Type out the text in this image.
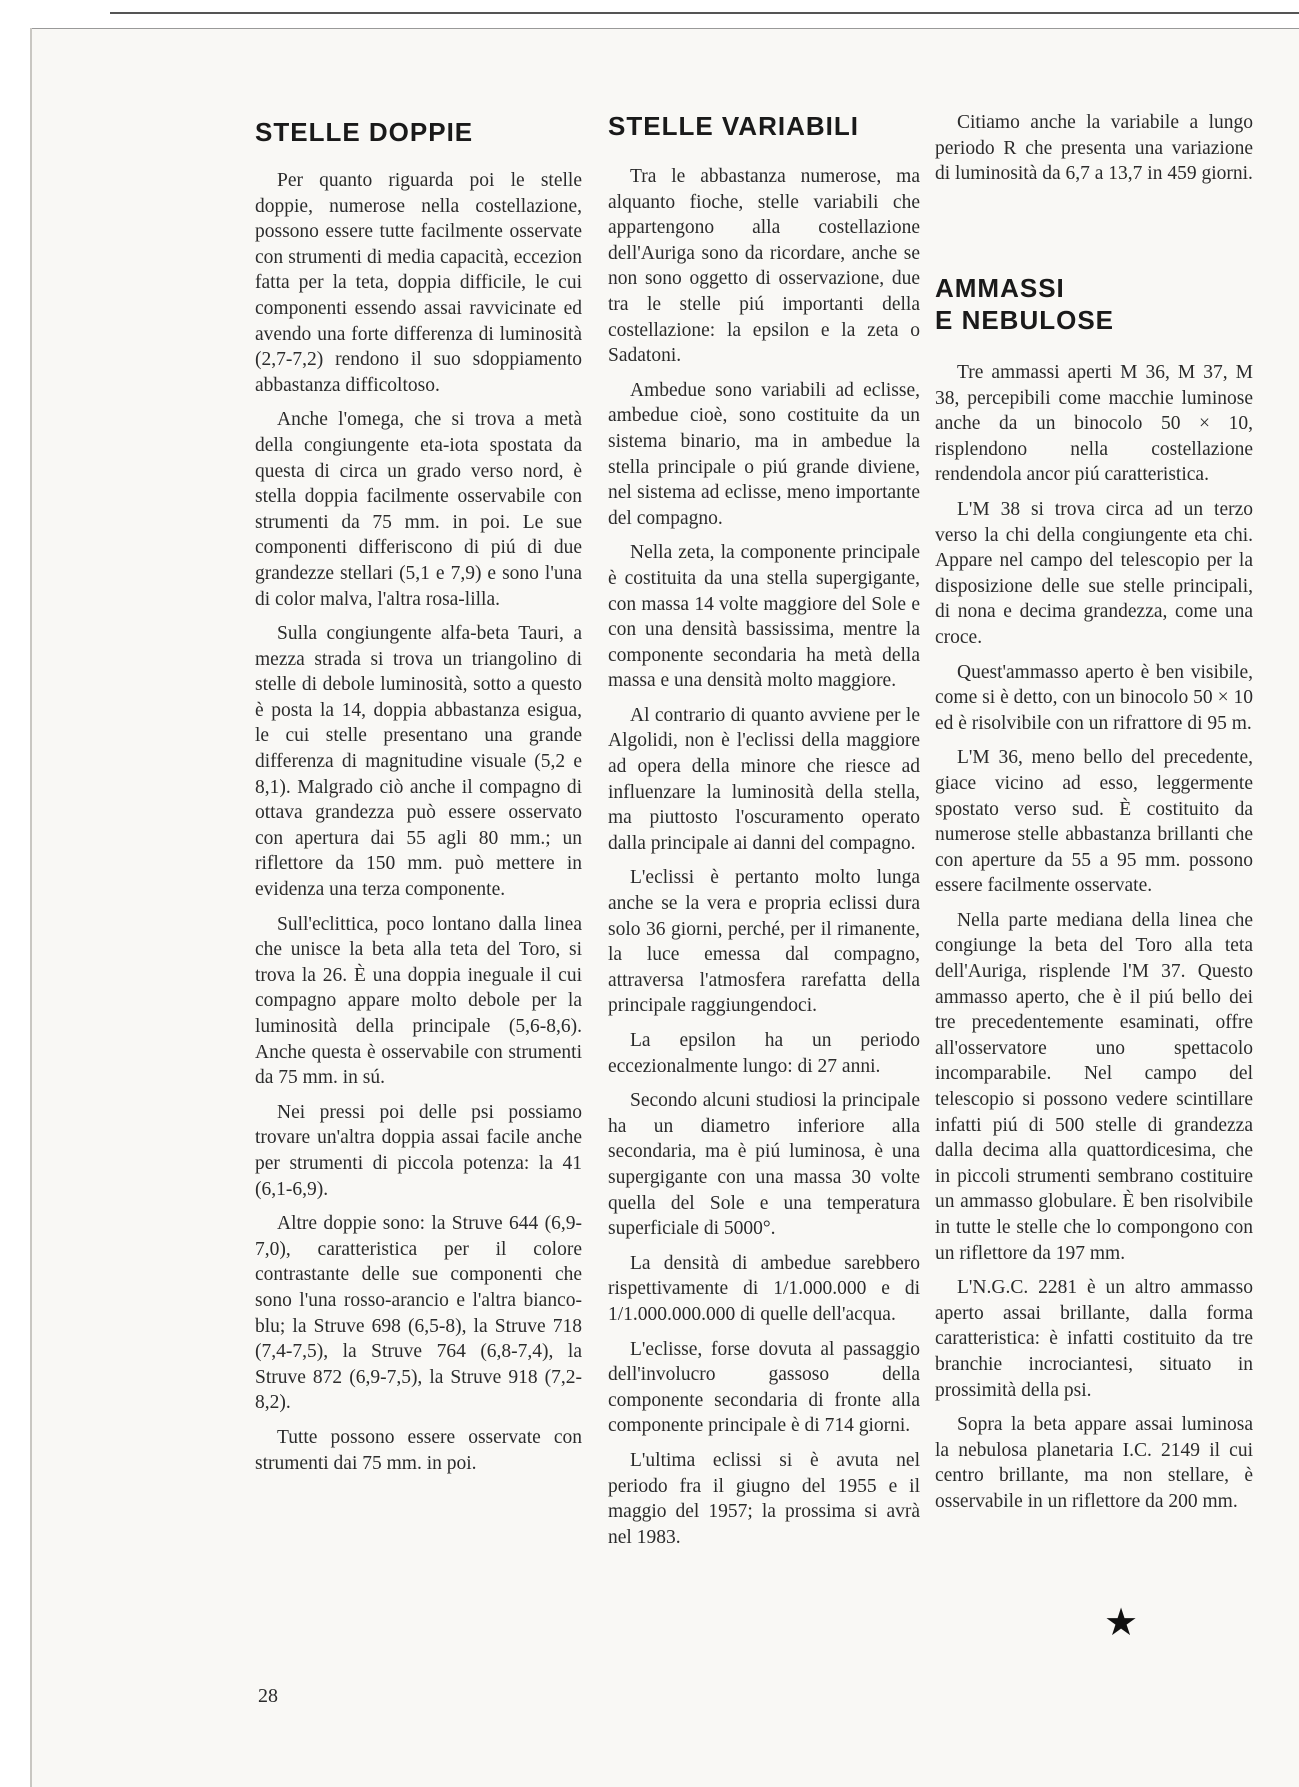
STELLE DOPPIE

Per quanto riguarda poi le stelle doppie, numerose nella costellazione, possono essere tutte facilmente osservate con strumenti di media capacità, eccezion fatta per la teta, doppia difficile, le cui componenti essendo assai ravvicinate ed avendo una forte differenza di luminosità (2,7-7,2) rendono il suo sdoppiamento abbastanza difficoltoso.

Anche l'omega, che si trova a metà della congiungente eta-iota spostata da questa di circa un grado verso nord, è stella doppia facilmente osservabile con strumenti da 75 mm. in poi. Le sue componenti differiscono di piú di due grandezze stellari (5,1 e 7,9) e sono l'una di color malva, l'altra rosa-lilla.

Sulla congiungente alfa-beta Tauri, a mezza strada si trova un triangolino di stelle di debole luminosità, sotto a questo è posta la 14, doppia abbastanza esigua, le cui stelle presentano una grande differenza di magnitudine visuale (5,2 e 8,1). Malgrado ciò anche il compagno di ottava grandezza può essere osservato con apertura dai 55 agli 80 mm.; un riflettore da 150 mm. può mettere in evidenza una terza componente.

Sull'eclittica, poco lontano dalla linea che unisce la beta alla teta del Toro, si trova la 26. È una doppia ineguale il cui compagno appare molto debole per la luminosità della principale (5,6-8,6). Anche questa è osservabile con strumenti da 75 mm. in sú.

Nei pressi poi delle psi possiamo trovare un'altra doppia assai facile anche per strumenti di piccola potenza: la 41 (6,1-6,9).

Altre doppie sono: la Struve 644 (6,9-7,0), caratteristica per il colore contrastante delle sue componenti che sono l'una rosso-arancio e l'altra bianco-blu; la Struve 698 (6,5-8), la Struve 718 (7,4-7,5), la Struve 764 (6,8-7,4), la Struve 872 (6,9-7,5), la Struve 918 (7,2-8,2).

Tutte possono essere osservate con strumenti dai 75 mm. in poi.

STELLE VARIABILI

Tra le abbastanza numerose, ma alquanto fioche, stelle variabili che appartengono alla costellazione dell'Auriga sono da ricordare, anche se non sono oggetto di osservazione, due tra le stelle piú importanti della costellazione: la epsilon e la zeta o Sadatoni.

Ambedue sono variabili ad eclisse, ambedue cioè, sono costituite da un sistema binario, ma in ambedue la stella principale o piú grande diviene, nel sistema ad eclisse, meno importante del compagno.

Nella zeta, la componente principale è costituita da una stella supergigante, con massa 14 volte maggiore del Sole e con una densità bassissima, mentre la componente secondaria ha metà della massa e una densità molto maggiore.

Al contrario di quanto avviene per le Algolidi, non è l'eclissi della maggiore ad opera della minore che riesce ad influenzare la luminosità della stella, ma piuttosto l'oscuramento operato dalla principale ai danni del compagno.

L'eclissi è pertanto molto lunga anche se la vera e propria eclissi dura solo 36 giorni, perché, per il rimanente, la luce emessa dal compagno, attraversa l'atmosfera rarefatta della principale raggiungendoci.

La epsilon ha un periodo eccezionalmente lungo: di 27 anni.

Secondo alcuni studiosi la principale ha un diametro inferiore alla secondaria, ma è piú luminosa, è una supergigante con una massa 30 volte quella del Sole e una temperatura superficiale di 5000°.

La densità di ambedue sarebbero rispettivamente di 1/1.000.000 e di 1/1.000.000.000 di quelle dell'acqua.

L'eclisse, forse dovuta al passaggio dell'involucro gassoso della componente secondaria di fronte alla componente principale è di 714 giorni.

L'ultima eclissi si è avuta nel periodo fra il giugno del 1955 e il maggio del 1957; la prossima si avrà nel 1983.

Citiamo anche la variabile a lungo periodo R che presenta una variazione di luminosità da 6,7 a 13,7 in 459 giorni.

AMMASSI
E NEBULOSE

Tre ammassi aperti M 36, M 37, M 38, percepibili come macchie luminose anche da un binocolo 50 × 10, risplendono nella costellazione rendendola ancor piú caratteristica.

L'M 38 si trova circa ad un terzo verso la chi della congiungente eta chi. Appare nel campo del telescopio per la disposizione delle sue stelle principali, di nona e decima grandezza, come una croce.

Quest'ammasso aperto è ben visibile, come si è detto, con un binocolo 50 × 10 ed è risolvibile con un rifrattore di 95 m.

L'M 36, meno bello del precedente, giace vicino ad esso, leggermente spostato verso sud. È costituito da numerose stelle abbastanza brillanti che con aperture da 55 a 95 mm. possono essere facilmente osservate.

Nella parte mediana della linea che congiunge la beta del Toro alla teta dell'Auriga, risplende l'M 37. Questo ammasso aperto, che è il piú bello dei tre precedentemente esaminati, offre all'osservatore uno spettacolo incomparabile. Nel campo del telescopio si possono vedere scintillare infatti piú di 500 stelle di grandezza dalla decima alla quattordicesima, che in piccoli strumenti sembrano costituire un ammasso globulare. È ben risolvibile in tutte le stelle che lo compongono con un riflettore da 197 mm.

L'N.G.C. 2281 è un altro ammasso aperto assai brillante, dalla forma caratteristica: è infatti costituito da tre branchie incrociantesi, situato in prossimità della psi.

Sopra la beta appare assai luminosa la nebulosa planetaria I.C. 2149 il cui centro brillante, ma non stellare, è osservabile in un riflettore da 200 mm.

★
28
